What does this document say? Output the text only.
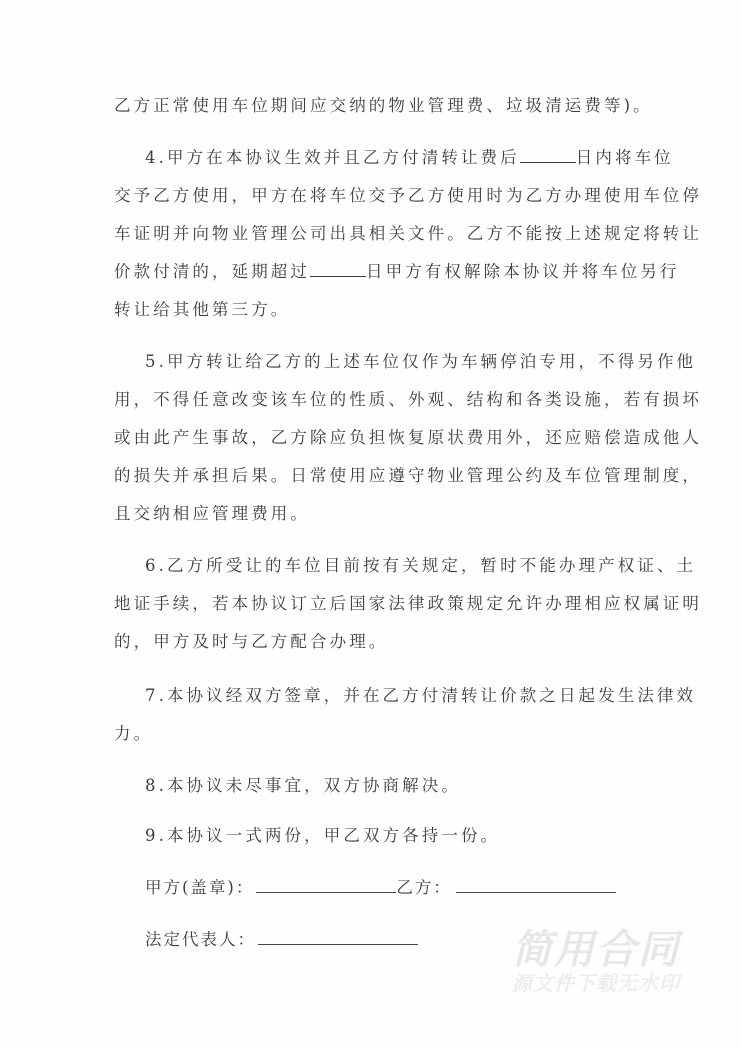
乙方正常使用车位期间应交纳的物业管理费、垃圾清运费等)。
4.甲方在本协议生效并且乙方付清转让费后	日内将车位
交予乙方使用，甲方在将车位交予乙方使用时为乙方办理使用车位停
车证明并向物业管理公司出具相关文件。乙方不能按上述规定将转让
价款付清的，延期超过	日甲方有权解除本协议并将车位另行
转让给其他第三方。
5.甲方转让给乙方的上述车位仅作为车辆停泊专用，不得另作他
用，不得任意改变该车位的性质、外观、结构和各类设施，若有损坏
或由此产生事故，乙方除应负担恢复原状费用外，还应赔偿造成他人
的损失并承担后果。日常使用应遵守物业管理公约及车位管理制度，
且交纳相应管理费用。
6.乙方所受让的车位目前按有关规定，暂时不能办理产权证、土
地证手续，若本协议订立后国家法律政策规定允许办理相应权属证明
的，甲方及时与乙方配合办理。
7.本协议经双方签章，并在乙方付清转让价款之日起发生法律效
力。
8.本协议未尽事宜，双方协商解决。
9.本协议一式两份，甲乙双方各持一份。
甲方(盖章)：	乙方：
法定代表人：	简用合同
源文件下载无水印
